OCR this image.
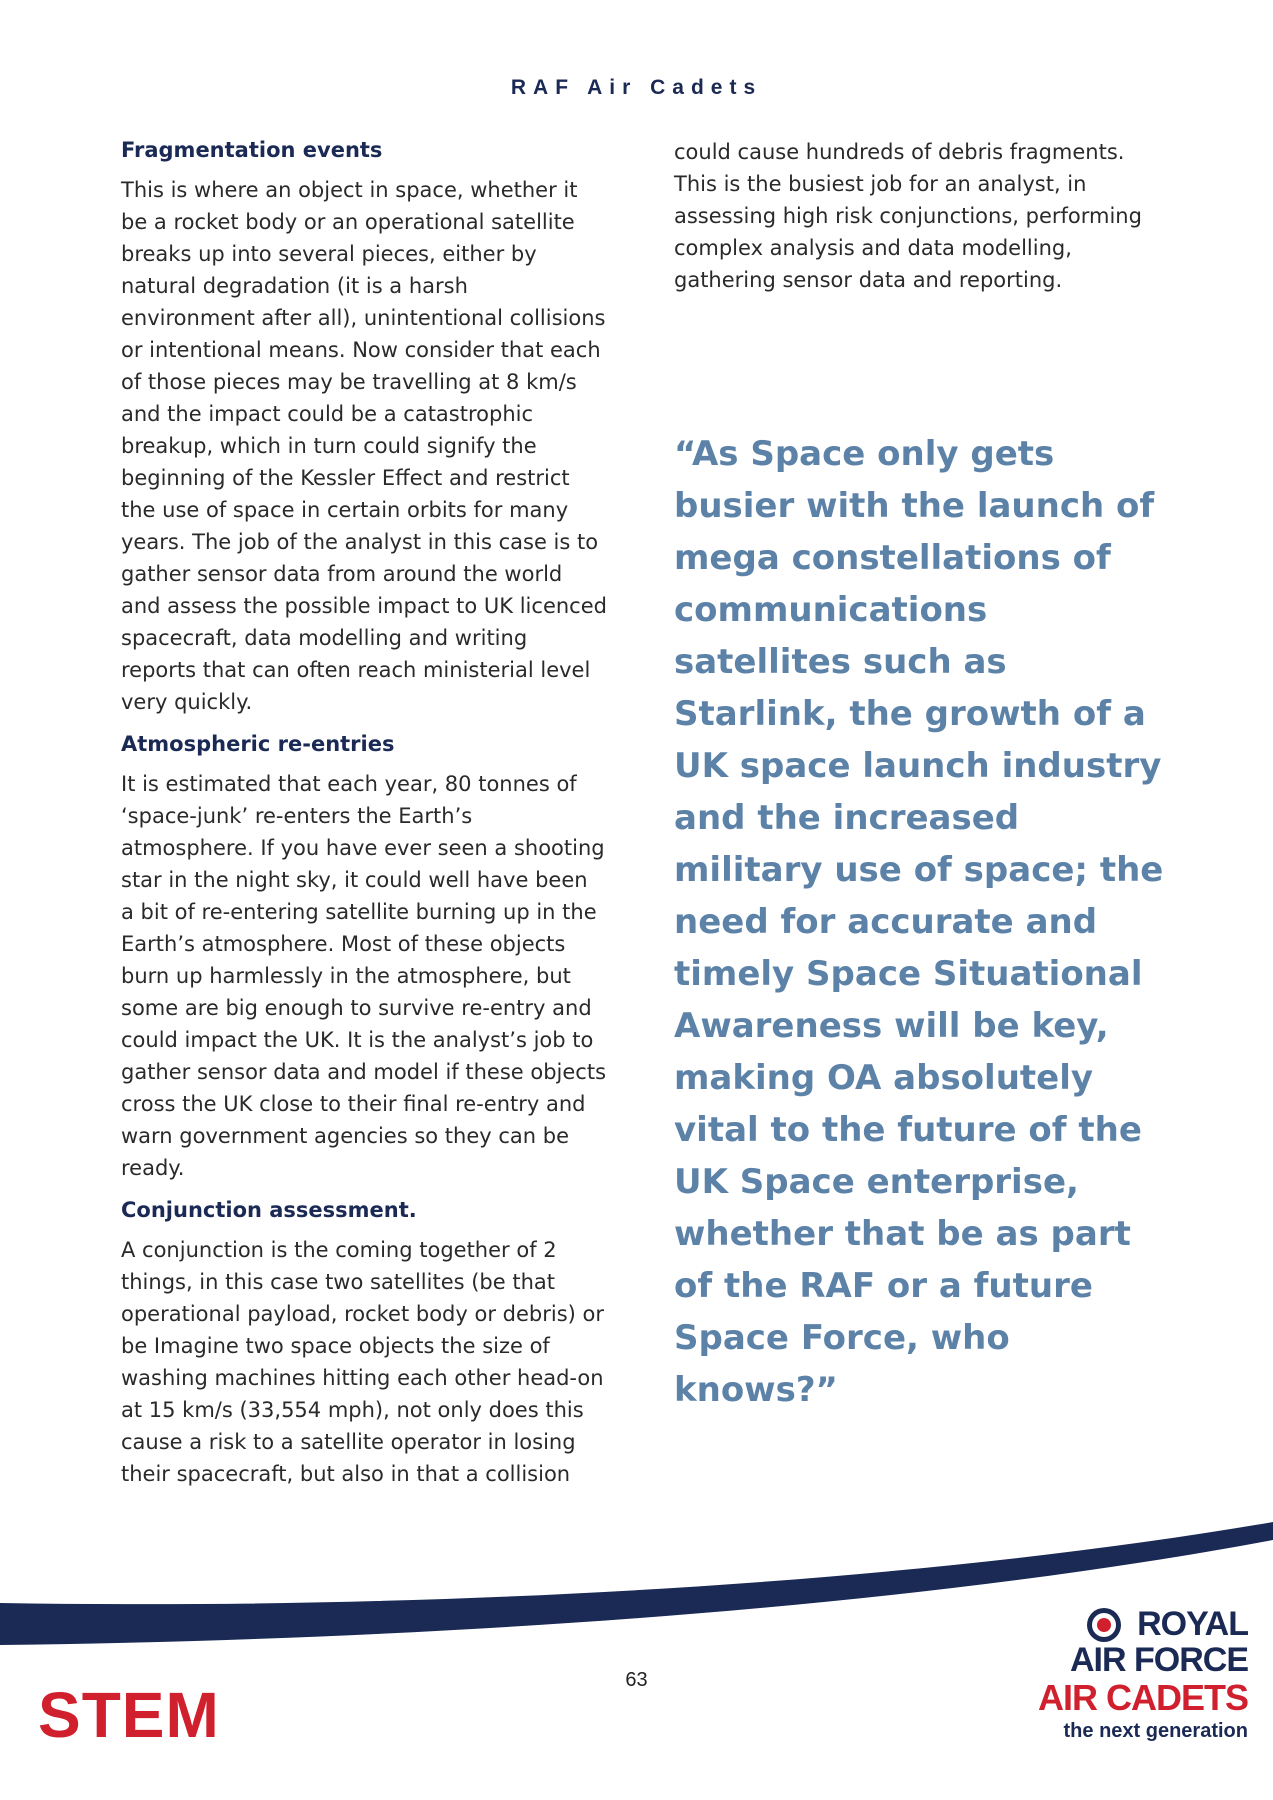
RAF Air Cadets
Fragmentation events

This is where an object in space, whether it be a rocket body or an operational satellite breaks up into several pieces, either by natural degradation (it is a harsh environment after all), unintentional collisions or intentional means. Now consider that each of those pieces may be travelling at 8 km/s and the impact could be a catastrophic breakup, which in turn could signify the beginning of the Kessler Effect and restrict the use of space in certain orbits for many years. The job of the analyst in this case is to gather sensor data from around the world and assess the possible impact to UK licenced spacecraft, data modelling and writing reports that can often reach ministerial level very quickly.

Atmospheric re-entries

It is estimated that each year, 80 tonnes of ‘space-junk’ re-enters the Earth’s atmosphere. If you have ever seen a shooting star in the night sky, it could well have been a bit of re-entering satellite burning up in the Earth’s atmosphere. Most of these objects burn up harmlessly in the atmosphere, but some are big enough to survive re-entry and could impact the UK. It is the analyst’s job to gather sensor data and model if these objects cross the UK close to their final re-entry and warn government agencies so they can be ready.

Conjunction assessment.

A conjunction is the coming together of 2 things, in this case two satellites (be that operational payload, rocket body or debris) or be Imagine two space objects the size of washing machines hitting each other head-on at 15 km/s (33,554 mph), not only does this cause a risk to a satellite operator in losing their spacecraft, but also in that a collision

could cause hundreds of debris fragments. This is the busiest job for an analyst, in assessing high risk conjunctions, performing complex analysis and data modelling, gathering sensor data and reporting.

“As Space only gets busier with the launch of mega constellations of communications satellites such as Starlink, the growth of a UK space launch industry and the increased military use of space; the need for accurate and timely Space Situational Awareness will be key, making OA absolutely vital to the future of the UK Space enterprise, whether that be as part of the RAF or a future Space Force, who knows?”
63
STEM
ROYAL
AIR FORCE
AIR CADETS
the next generation
